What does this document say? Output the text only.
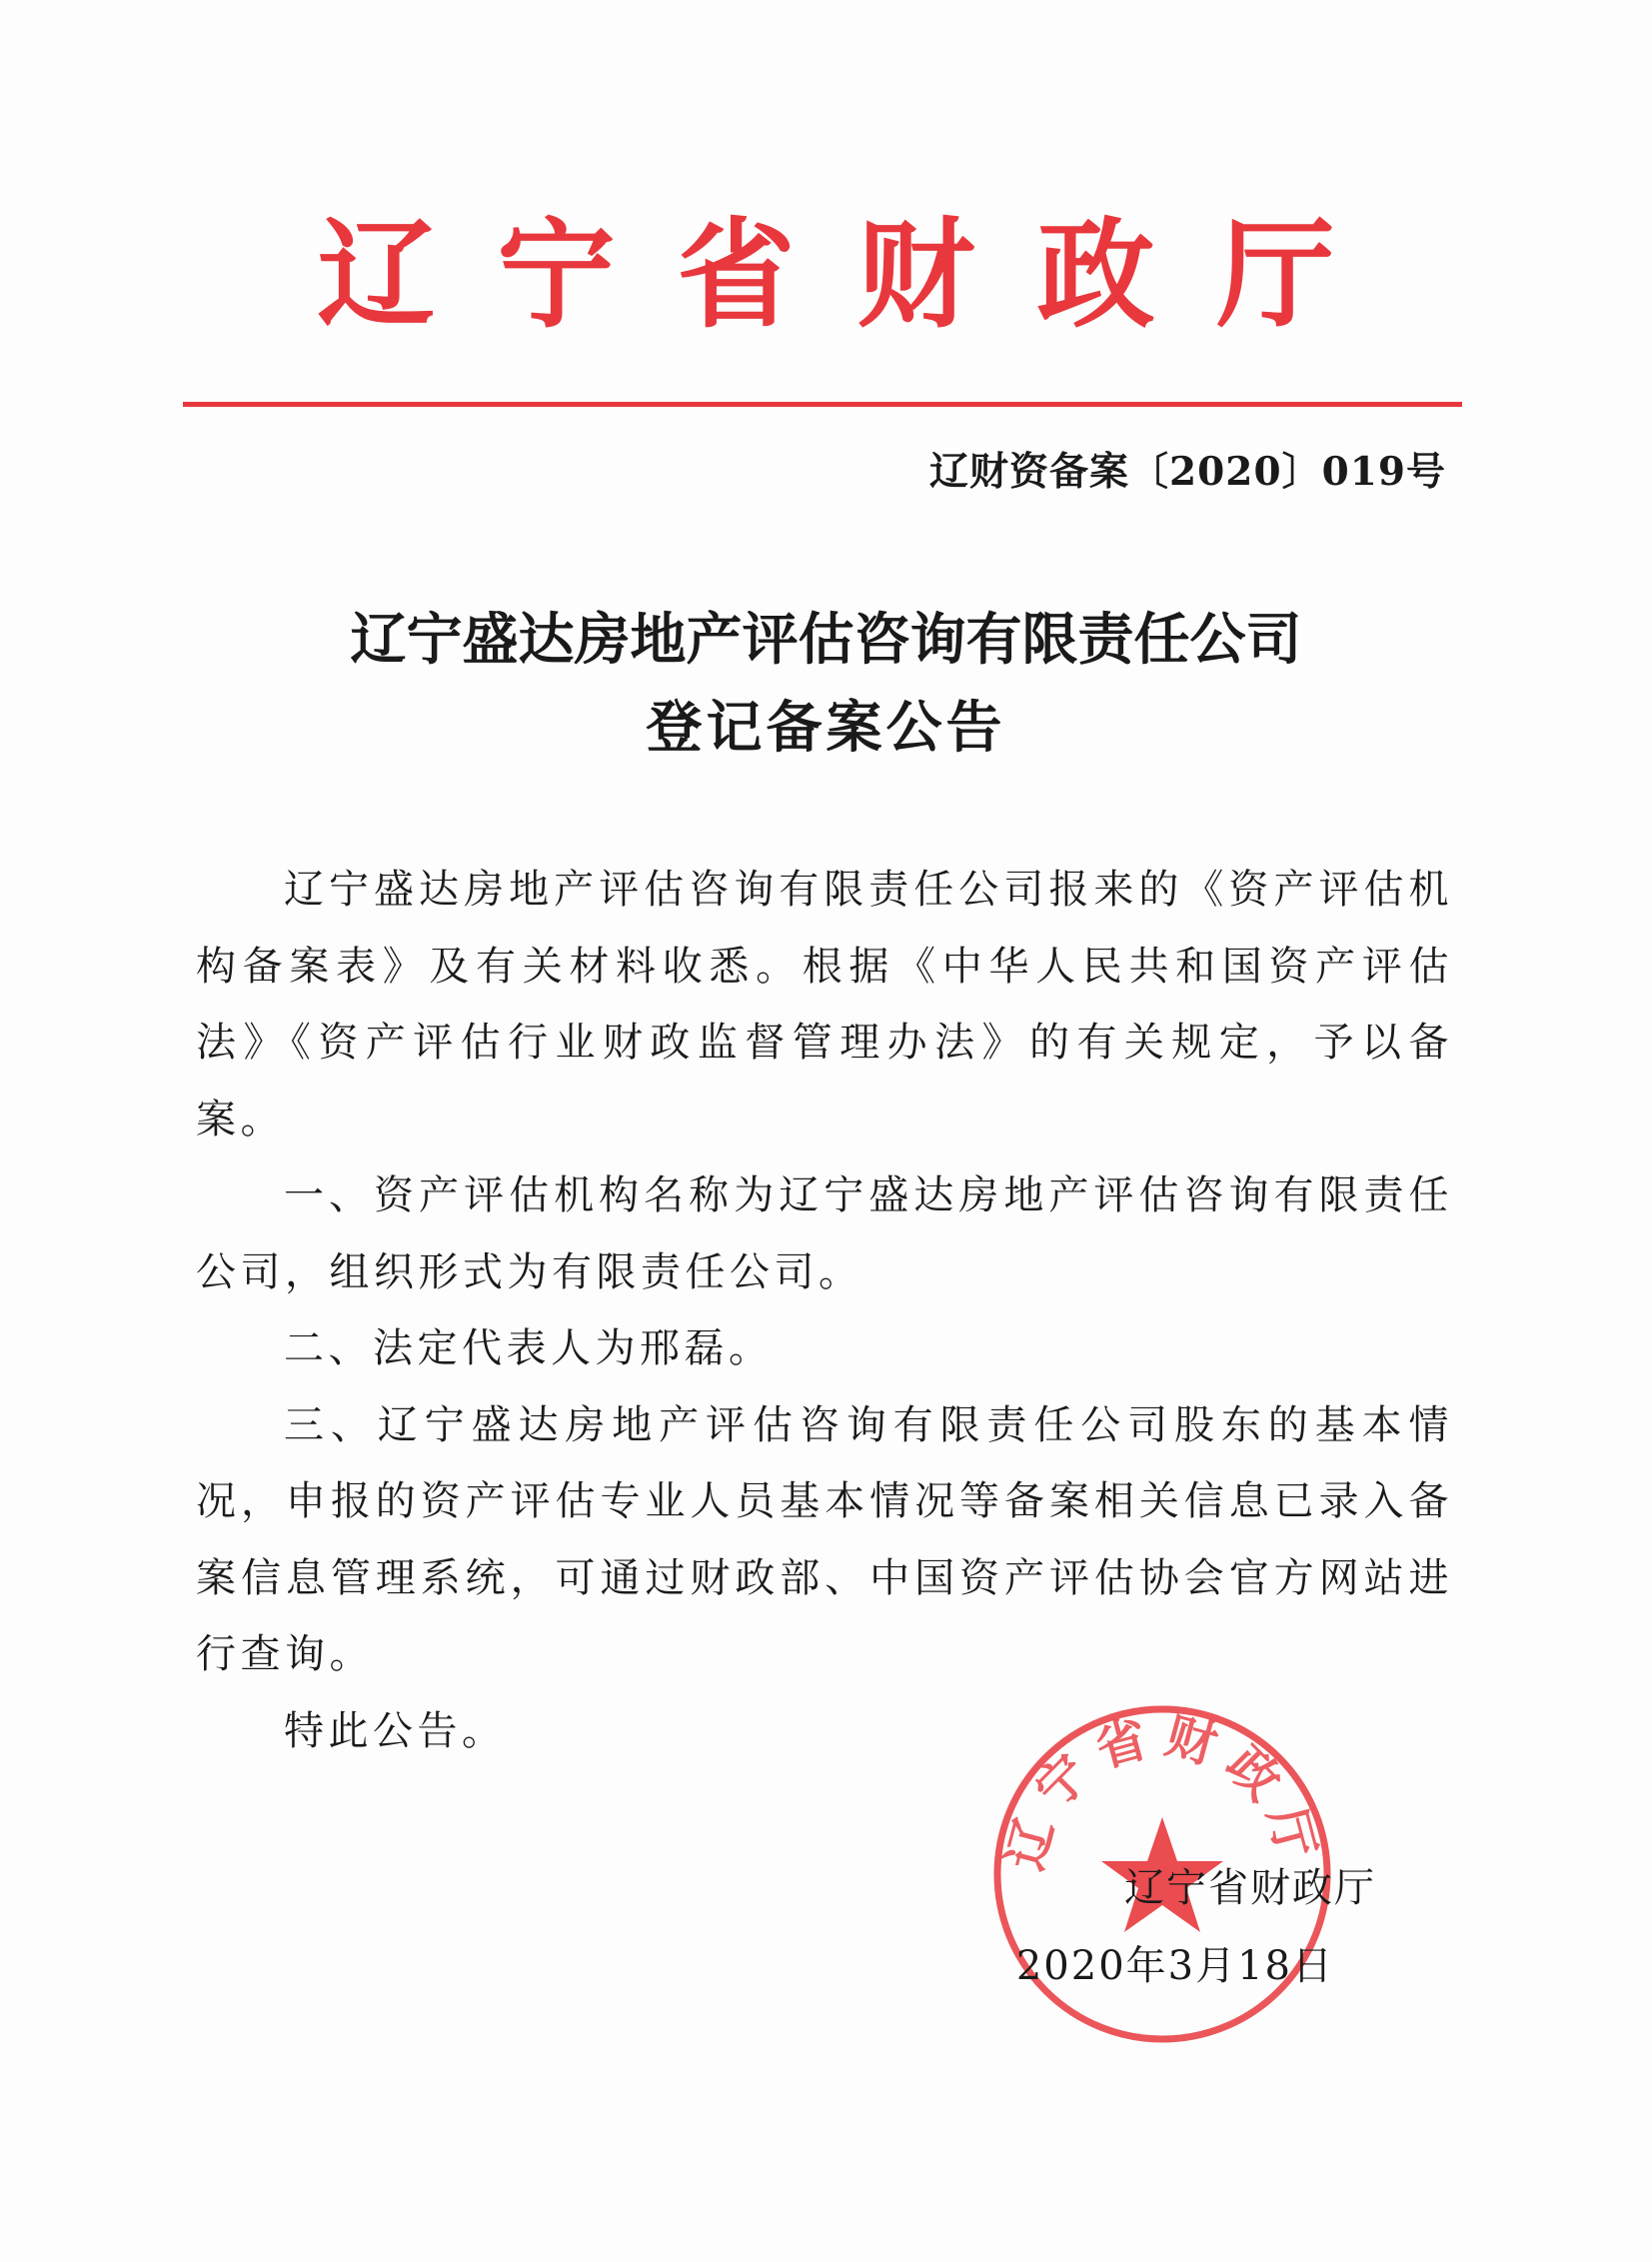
辽宁省财政厅
辽财资备案〔2020〕019号
辽宁盛达房地产评估咨询有限责任公司
登记备案公告

辽宁盛达房地产评估咨询有限责任公司报来的《资产评估机构备案表》及有关材料收悉。根据《中华人民共和国资产评估法》《资产评估行业财政监督管理办法》的有关规定，予以备案。

一、资产评估机构名称为辽宁盛达房地产评估咨询有限责任公司，组织形式为有限责任公司。

二、法定代表人为邢磊。

三、辽宁盛达房地产评估咨询有限责任公司股东的基本情况，申报的资产评估专业人员基本情况等备案相关信息已录入备案信息管理系统，可通过财政部、中国资产评估协会官方网站进行查询。

特此公告。

辽宁省财政厅
辽宁省财政厅
2020年3月18日
